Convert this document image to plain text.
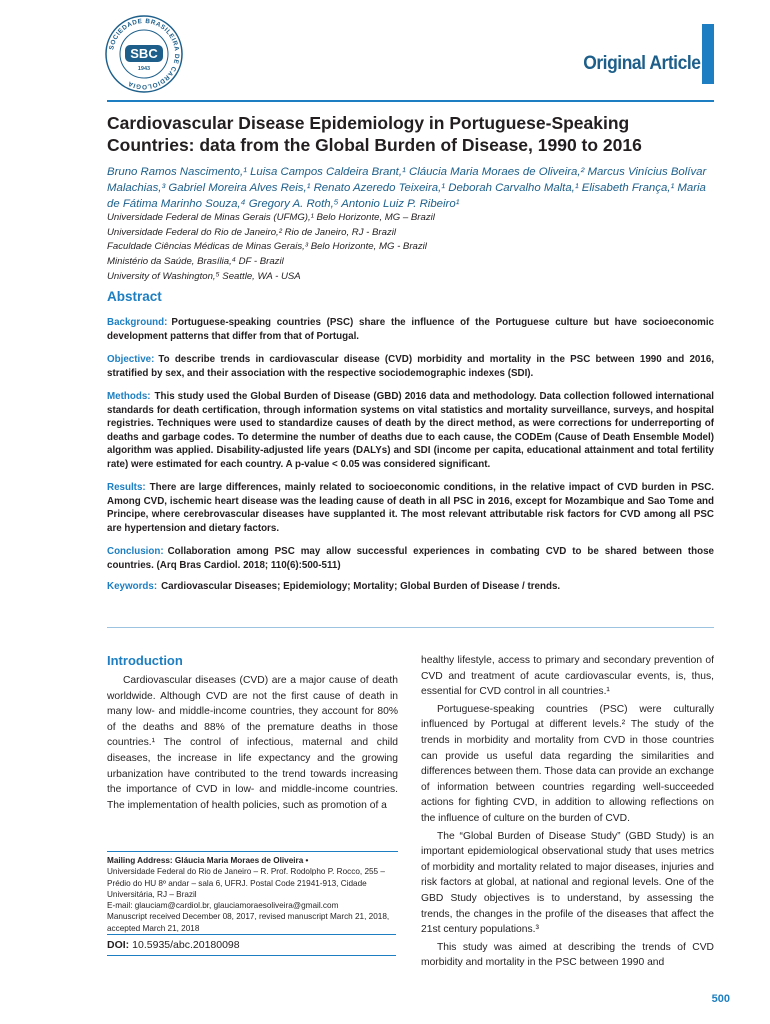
SOCIEDADE BRASILEIRA DE CARDIOLOGIA
SBC
1943	Original Article
Cardiovascular Disease Epidemiology in Portuguese-Speaking Countries: data from the Global Burden of Disease, 1990 to 2016
Bruno Ramos Nascimento,¹ Luisa Campos Caldeira Brant,¹ Cláucia Maria Moraes de Oliveira,² Marcus Vinícius Bolívar Malachias,³ Gabriel Moreira Alves Reis,¹ Renato Azeredo Teixeira,¹ Deborah Carvalho Malta,¹ Elisabeth França,¹ Maria de Fátima Marinho Souza,⁴ Gregory A. Roth,⁵ Antonio Luiz P. Ribeiro¹
Universidade Federal de Minas Gerais (UFMG),¹ Belo Horizonte, MG – Brazil
Universidade Federal do Rio de Janeiro,² Rio de Janeiro, RJ - Brazil
Faculdade Ciências Médicas de Minas Gerais,³ Belo Horizonte, MG - Brazil
Ministério da Saúde, Brasília,⁴ DF - Brazil
University of Washington,⁵ Seattle, WA - USA
Abstract

Background: Portuguese-speaking countries (PSC) share the influence of the Portuguese culture but have socioeconomic development patterns that differ from that of Portugal.

Objective: To describe trends in cardiovascular disease (CVD) morbidity and mortality in the PSC between 1990 and 2016, stratified by sex, and their association with the respective sociodemographic indexes (SDI).

Methods: This study used the Global Burden of Disease (GBD) 2016 data and methodology. Data collection followed international standards for death certification, through information systems on vital statistics and mortality surveillance, surveys, and hospital registries. Techniques were used to standardize causes of death by the direct method, as were corrections for underreporting of deaths and garbage codes. To determine the number of deaths due to each cause, the CODEm (Cause of Death Ensemble Model) algorithm was applied. Disability-adjusted life years (DALYs) and SDI (income per capita, educational attainment and total fertility rate) were estimated for each country. A p-value < 0.05 was considered significant.

Results: There are large differences, mainly related to socioeconomic conditions, in the relative impact of CVD burden in PSC. Among CVD, ischemic heart disease was the leading cause of death in all PSC in 2016, except for Mozambique and Sao Tome and Principe, where cerebrovascular diseases have supplanted it. The most relevant attributable risk factors for CVD among all PSC are hypertension and dietary factors.

Conclusion: Collaboration among PSC may allow successful experiences in combating CVD to be shared between those countries. (Arq Bras Cardiol. 2018; 110(6):500-511)

Keywords: Cardiovascular Diseases; Epidemiology; Mortality; Global Burden of Disease / trends.

Introduction

Cardiovascular diseases (CVD) are a major cause of death worldwide. Although CVD are not the first cause of death in many low- and middle-income countries, they account for 80% of the deaths and 88% of the premature deaths in those countries.¹ The control of infectious, maternal and child diseases, the increase in life expectancy and the growing urbanization have contributed to the trend towards increasing the importance of CVD in low- and middle-income countries. The implementation of health policies, such as promotion of a

healthy lifestyle, access to primary and secondary prevention of CVD and treatment of acute cardiovascular events, is, thus, essential for CVD control in all countries.¹

Portuguese-speaking countries (PSC) were culturally influenced by Portugal at different levels.² The study of the trends in morbidity and mortality from CVD in those countries can provide us useful data regarding the similarities and differences between them. Those data can provide an exchange of information between countries regarding well-succeeded actions for fighting CVD, in addition to allowing reflections on the influence of culture on the burden of CVD.

The “Global Burden of Disease Study” (GBD Study) is an important epidemiological observational study that uses metrics of morbidity and mortality related to major diseases, injuries and risk factors at global, at national and regional levels. One of the GBD Study objectives is to understand, by assessing the trends, the changes in the profile of the diseases that affect the 21st century populations.³

This study was aimed at describing the trends of CVD morbidity and mortality in the PSC between 1990 and

Mailing Address: Gláucia Maria Moraes de Oliveira •
Universidade Federal do Rio de Janeiro – R. Prof. Rodolpho P. Rocco, 255 – Prédio do HU 8º andar – sala 6, UFRJ. Postal Code 21941-913, Cidade Universitária, RJ – Brazil
E-mail: glauciam@cardiol.br, glauciamoraesoliveira@gmail.com
Manuscript received December 08, 2017, revised manuscript March 21, 2018, accepted March 21, 2018
DOI: 10.5935/abc.20180098
500
